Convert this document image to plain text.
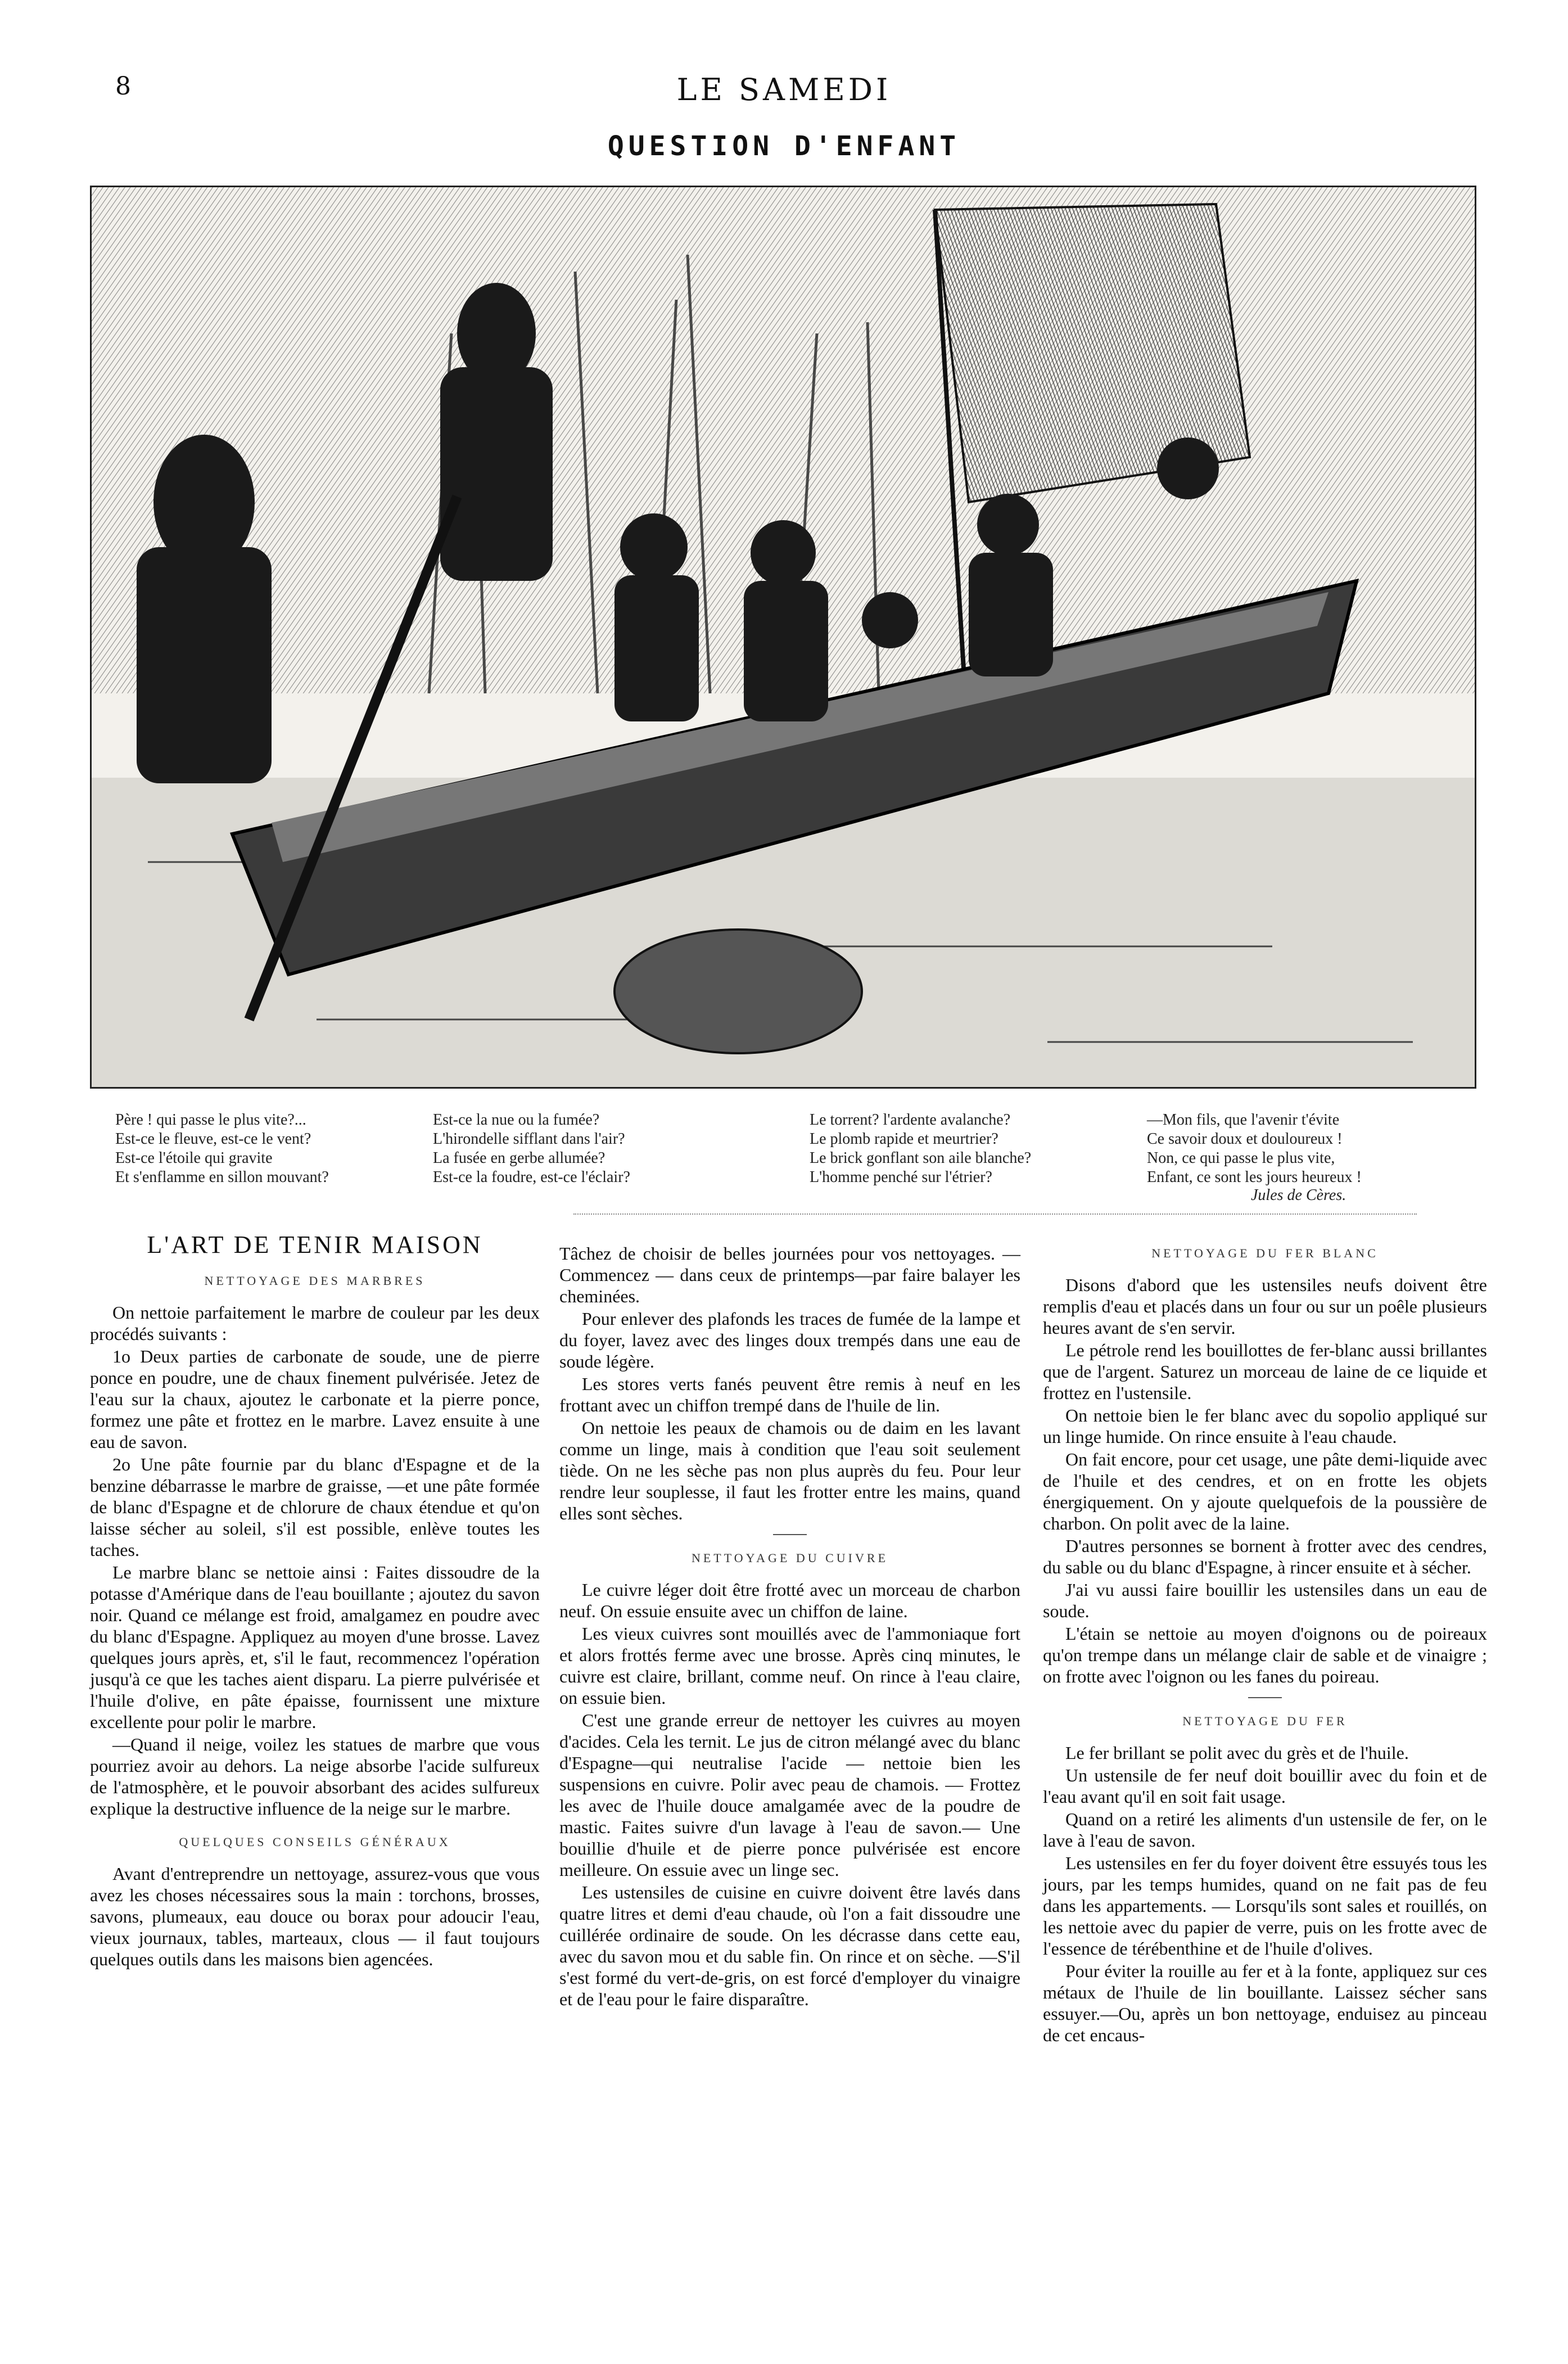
8	LE SAMEDI
QUESTION D'ENFANT
Père ! qui passe le plus vite?...
Est-ce le fleuve, est-ce le vent?
Est-ce l'étoile qui gravite
Et s'enflamme en sillon mouvant?
Est-ce la nue ou la fumée?
L'hirondelle sifflant dans l'air?
La fusée en gerbe allumée?
Est-ce la foudre, est-ce l'éclair?
Le torrent? l'ardente avalanche?
Le plomb rapide et meurtrier?
Le brick gonflant son aile blanche?
L'homme penché sur l'étrier?
—Mon fils, que l'avenir t'évite
Ce savoir doux et douloureux !
Non, ce qui passe le plus vite,
Enfant, ce sont les jours heureux !
Jules de Cères.
L'ART DE TENIR MAISON
NETTOYAGE DES MARBRES

On nettoie parfaitement le marbre de couleur par les deux procédés suivants :

1o Deux parties de carbonate de soude, une de pierre ponce en poudre, une de chaux finement pulvérisée. Jetez de l'eau sur la chaux, ajoutez le carbonate et la pierre ponce, formez une pâte et frottez en le marbre. Lavez ensuite à une eau de savon.

2o Une pâte fournie par du blanc d'Espagne et de la benzine débarrasse le marbre de graisse, —et une pâte formée de blanc d'Espagne et de chlorure de chaux étendue et qu'on laisse sécher au soleil, s'il est possible, enlève toutes les taches.

Le marbre blanc se nettoie ainsi : Faites dissoudre de la potasse d'Amérique dans de l'eau bouillante ; ajoutez du savon noir. Quand ce mélange est froid, amalgamez en poudre avec du blanc d'Espagne. Appliquez au moyen d'une brosse. Lavez quelques jours après, et, s'il le faut, recommencez l'opération jusqu'à ce que les taches aient disparu. La pierre pulvérisée et l'huile d'olive, en pâte épaisse, fournissent une mixture excellente pour polir le marbre.

—Quand il neige, voilez les statues de marbre que vous pourriez avoir au dehors. La neige absorbe l'acide sulfureux de l'atmosphère, et le pouvoir absorbant des acides sulfureux explique la destructive influence de la neige sur le marbre.

QUELQUES CONSEILS GÉNÉRAUX

Avant d'entreprendre un nettoyage, assurez-vous que vous avez les choses nécessaires sous la main : torchons, brosses, savons, plumeaux, eau douce ou borax pour adoucir l'eau, vieux journaux, tables, marteaux, clous — il faut toujours quelques outils dans les maisons bien agencées.

Tâchez de choisir de belles journées pour vos nettoyages. — Commencez — dans ceux de printemps—par faire balayer les cheminées.

Pour enlever des plafonds les traces de fumée de la lampe et du foyer, lavez avec des linges doux trempés dans une eau de soude légère.

Les stores verts fanés peuvent être remis à neuf en les frottant avec un chiffon trempé dans de l'huile de lin.

On nettoie les peaux de chamois ou de daim en les lavant comme un linge, mais à condition que l'eau soit seulement tiède. On ne les sèche pas non plus auprès du feu. Pour leur rendre leur souplesse, il faut les frotter entre les mains, quand elles sont sèches.

NETTOYAGE DU CUIVRE

Le cuivre léger doit être frotté avec un morceau de charbon neuf. On essuie ensuite avec un chiffon de laine.

Les vieux cuivres sont mouillés avec de l'ammoniaque fort et alors frottés ferme avec une brosse. Après cinq minutes, le cuivre est claire, brillant, comme neuf. On rince à l'eau claire, on essuie bien.

C'est une grande erreur de nettoyer les cuivres au moyen d'acides. Cela les ternit. Le jus de citron mélangé avec du blanc d'Espagne—qui neutralise l'acide — nettoie bien les suspensions en cuivre. Polir avec peau de chamois. — Frottez les avec de l'huile douce amalgamée avec de la poudre de mastic. Faites suivre d'un lavage à l'eau de savon.— Une bouillie d'huile et de pierre ponce pulvérisée est encore meilleure. On essuie avec un linge sec.

Les ustensiles de cuisine en cuivre doivent être lavés dans quatre litres et demi d'eau chaude, où l'on a fait dissoudre une cuillérée ordinaire de soude. On les décrasse dans cette eau, avec du savon mou et du sable fin. On rince et on sèche. —S'il s'est formé du vert-de-gris, on est forcé d'employer du vinaigre et de l'eau pour le faire disparaître.

NETTOYAGE DU FER BLANC

Disons d'abord que les ustensiles neufs doivent être remplis d'eau et placés dans un four ou sur un poêle plusieurs heures avant de s'en servir.

Le pétrole rend les bouillottes de fer-blanc aussi brillantes que de l'argent. Saturez un morceau de laine de ce liquide et frottez en l'ustensile.

On nettoie bien le fer blanc avec du sopolio appliqué sur un linge humide. On rince ensuite à l'eau chaude.

On fait encore, pour cet usage, une pâte demi-liquide avec de l'huile et des cendres, et on en frotte les objets énergiquement. On y ajoute quelquefois de la poussière de charbon. On polit avec de la laine.

D'autres personnes se bornent à frotter avec des cendres, du sable ou du blanc d'Espagne, à rincer ensuite et à sécher.

J'ai vu aussi faire bouillir les ustensiles dans un eau de soude.

L'étain se nettoie au moyen d'oignons ou de poireaux qu'on trempe dans un mélange clair de sable et de vinaigre ; on frotte avec l'oignon ou les fanes du poireau.

NETTOYAGE DU FER

Le fer brillant se polit avec du grès et de l'huile.

Un ustensile de fer neuf doit bouillir avec du foin et de l'eau avant qu'il en soit fait usage.

Quand on a retiré les aliments d'un ustensile de fer, on le lave à l'eau de savon.

Les ustensiles en fer du foyer doivent être essuyés tous les jours, par les temps humides, quand on ne fait pas de feu dans les appartements. — Lorsqu'ils sont sales et rouillés, on les nettoie avec du papier de verre, puis on les frotte avec de l'essence de térébenthine et de l'huile d'olives.

Pour éviter la rouille au fer et à la fonte, appliquez sur ces métaux de l'huile de lin bouillante. Laissez sécher sans essuyer.—Ou, après un bon nettoyage, enduisez au pinceau de cet encaus-
